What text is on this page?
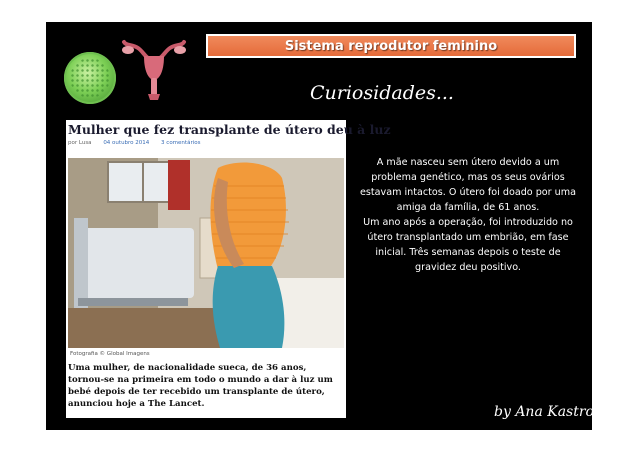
Sistema reprodutor feminino
Curiosidades...
Mulher que fez transplante de útero deu à luz
por Lusa 04 outubro 2014 3 comentários
Fotografia © Global Imagens
Uma mulher, de nacionalidade sueca, de 36 anos, tornou-se na primeira em todo o mundo a dar à luz um bebé depois de ter recebido um transplante de útero, anunciou hoje a The Lancet.

A mãe nasceu sem útero devido a um problema genético, mas os seus ovários estavam intactos. O útero foi doado por uma amiga da família, de 61 anos.

Um ano após a operação, foi introduzido no útero transplantado um embrião, em fase inicial. Três semanas depois o teste de gravidez deu positivo.

by Ana Kastro
